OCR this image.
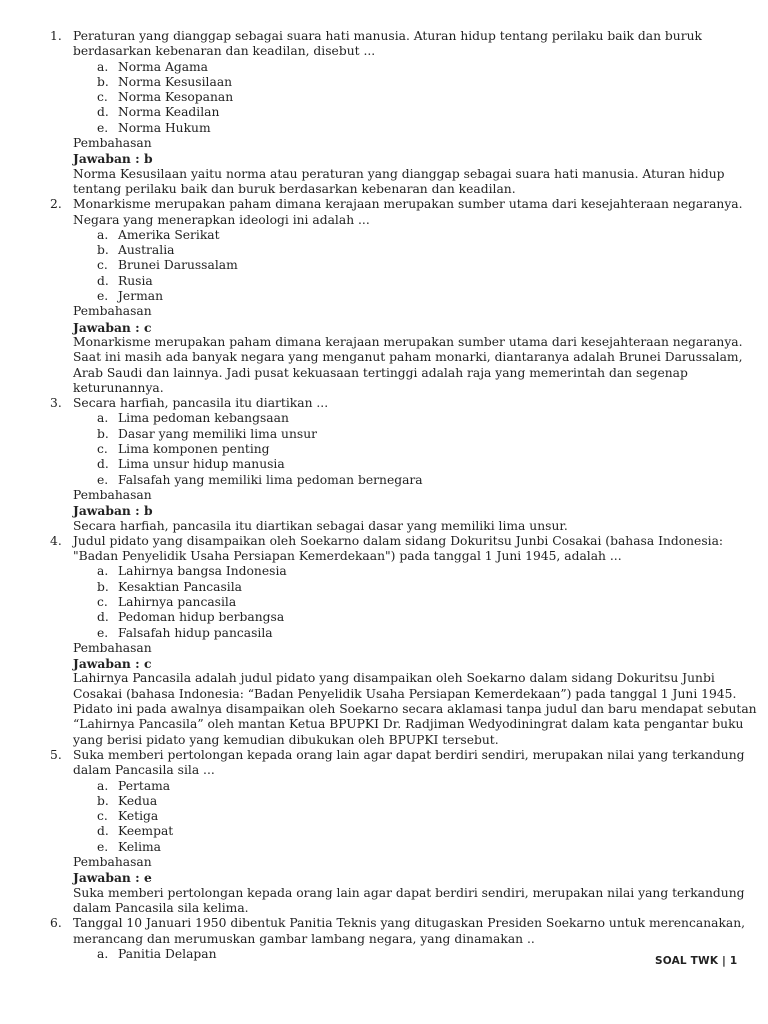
1. Peraturan yang dianggap sebagai suara hati manusia. Aturan hidup tentang perilaku baik dan buruk
berdasarkan kebenaran dan keadilan, disebut ...
a. Norma Agama
b. Norma Kesusilaan
c. Norma Kesopanan
d. Norma Keadilan
e. Norma Hukum
Pembahasan
Jawaban : b
Norma Kesusilaan yaitu norma atau peraturan yang dianggap sebagai suara hati manusia. Aturan hidup
tentang perilaku baik dan buruk berdasarkan kebenaran dan keadilan.
2. Monarkisme merupakan paham dimana kerajaan merupakan sumber utama dari kesejahteraan negaranya.
Negara yang menerapkan ideologi ini adalah ...
a. Amerika Serikat
b. Australia
c. Brunei Darussalam
d. Rusia
e. Jerman
Pembahasan
Jawaban : c
Monarkisme merupakan paham dimana kerajaan merupakan sumber utama dari kesejahteraan negaranya.
Saat ini masih ada banyak negara yang menganut paham monarki, diantaranya adalah Brunei Darussalam,
Arab Saudi dan lainnya. Jadi pusat kekuasaan tertinggi adalah raja yang memerintah dan segenap
keturunannya.
3. Secara harfiah, pancasila itu diartikan ...
a. Lima pedoman kebangsaan
b. Dasar yang memiliki lima unsur
c. Lima komponen penting
d. Lima unsur hidup manusia
e. Falsafah yang memiliki lima pedoman bernegara
Pembahasan
Jawaban : b
Secara harfiah, pancasila itu diartikan sebagai dasar yang memiliki lima unsur.
4. Judul pidato yang disampaikan oleh Soekarno dalam sidang Dokuritsu Junbi Cosakai (bahasa Indonesia:
"Badan Penyelidik Usaha Persiapan Kemerdekaan") pada tanggal 1 Juni 1945, adalah ...
a. Lahirnya bangsa Indonesia
b. Kesaktian Pancasila
c. Lahirnya pancasila
d. Pedoman hidup berbangsa
e. Falsafah hidup pancasila
Pembahasan
Jawaban : c
Lahirnya Pancasila adalah judul pidato yang disampaikan oleh Soekarno dalam sidang Dokuritsu Junbi
Cosakai (bahasa Indonesia: “Badan Penyelidik Usaha Persiapan Kemerdekaan”) pada tanggal 1 Juni 1945.
Pidato ini pada awalnya disampaikan oleh Soekarno secara aklamasi tanpa judul dan baru mendapat sebutan
“Lahirnya Pancasila” oleh mantan Ketua BPUPKI Dr. Radjiman Wedyodiningrat dalam kata pengantar buku
yang berisi pidato yang kemudian dibukukan oleh BPUPKI tersebut.
5. Suka memberi pertolongan kepada orang lain agar dapat berdiri sendiri, merupakan nilai yang terkandung
dalam Pancasila sila ...
a. Pertama
b. Kedua
c. Ketiga
d. Keempat
e. Kelima
Pembahasan
Jawaban : e
Suka memberi pertolongan kepada orang lain agar dapat berdiri sendiri, merupakan nilai yang terkandung
dalam Pancasila sila kelima.
6. Tanggal 10 Januari 1950 dibentuk Panitia Teknis yang ditugaskan Presiden Soekarno untuk merencanakan,
merancang dan merumuskan gambar lambang negara, yang dinamakan ..
a. Panitia Delapan
SOAL TWK | 1
